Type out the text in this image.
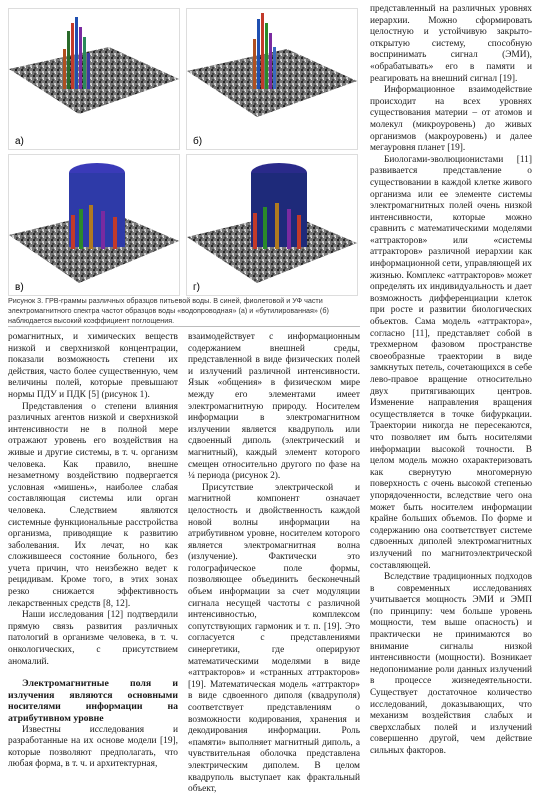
а)	б)
в)	г)

Рисунок 3. ГРВ-граммы различных образцов питьевой воды. В синей, фиолетовой и УФ части электромагнитного спектра частот образцов воды «водопроводная» (а) и «бутилированная» (б) наблюдается высокий коэффициент поглощения.

ромагнитных, и химических веществ низкой и сверхнизкой концентрации, показали возможность степени их действия, часто более существенную, чем величины полей, которые превышают нормы ПДУ и ПДК [5] (рисунок 1).

Представления о степени влияния различных агентов низкой и сверхнизкой интенсивности не в полной мере отражают уровень его воздействия на живые и другие системы, в т. ч. организм человека. Как правило, внешне незаметному воздействию подвергается условная «мишень», наиболее слабая составляющая системы или орган человека. Следствием являются системные функциональные расстройства организма, приводящие к развитию заболевания. Их лечат, но как сложившееся состояние больного, без учета причин, что неизбежно ведет к рецидивам. Кроме того, в этих зонах резко снижается эффективность лекарственных средств [8, 12].

Наши исследования [12] подтвердили прямую связь развития различных патологий в организме человека, в т. ч. онкологических, с присутствием аномалий.

Электромагнитные поля и излучения являются основными носителями информации на атрибутивном уровне

Известны исследования и разработанные на их основе модели [19], которые позволяют предполагать, что любая форма, в т. ч. и архитектурная,

взаимодействует с информационным содержанием внешней среды, представленной в виде физических полей и излучений различной интенсивности. Язык «общения» в физическом мире между его элементами имеет электромагнитную природу. Носителем информации в электромагнитном излучении является квадруполь или сдвоенный диполь (электрический и магнитный), каждый элемент которого смещен относительно другого по фазе на ¼ периода (рисунок 2).

Присутствие электрической и магнитной компонент означает целостность и двойственность каждой новой волны информации на атрибутивном уровне, носителем которого является электромагнитная волна (излучение). Фактически это голографическое поле формы, позволяющее объединить бесконечный объем информации за счет модуляции сигнала несущей частоты с различной интенсивностью, комплексом сопутствующих гармоник и т. п. [19]. Это согласуется с представлениями синергетики, где оперируют математическими моделями в виде «аттракторов» и «странных аттракторов» [19]. Математическая модель «аттрактор» в виде сдвоенного диполя (квадруполя) соответствует представлениям о возможности кодирования, хранения и декодирования информации. Роль «памяти» выполняет магнитный диполь, а чувствительная оболочка представлена электрическим диполем. В целом квадруполь выступает как фрактальный объект,

представленный на различных уровнях иерархии. Можно сформировать целостную и устойчивую закрыто-открытую систему, способную воспринимать сигнал (ЭМИ), «обрабатывать» его в памяти и реагировать на внешний сигнал [19].

Информационное взаимодействие происходит на всех уровнях существования материи – от атомов и молекул (микроуровень) до живых организмов (макроуровень) и далее мегауровня планет [19].

Биологами-эволюционистами [11] развивается представление о существовании в каждой клетке живого организма или ее элементе системы электромагнитных полей очень низкой интенсивности, которые можно сравнить с математическими моделями «аттракторов» или «системы аттракторов» различной иерархии как информационной сети, управляющей их жизнью. Комплекс «аттракторов» может определять их индивидуальность и дает возможность дифференциации клеток при росте и развитии биологических объектов. Сама модель «аттрактора», согласно [11], представляет собой в трехмерном фазовом пространстве своеобразные траектории в виде замкнутых петель, сочетающихся в себе лево-правое вращение относительно двух притягивающих центров. Изменение направления вращения осуществляется в точке бифуркации. Траектории никогда не пересекаются, что позволяет им быть носителями информации высокой точности. В целом модель можно охарактеризовать как свернутую многомерную поверхность с очень высокой степенью упорядоченности, вследствие чего она может быть носителем информации крайне больших объемов. По форме и содержанию она соответствует системе сдвоенных диполей электромагнитных излучений по магнитоэлектрической составляющей.

Вследствие традиционных подходов в современных исследованиях учитывается мощность ЭМИ и ЭМП (по принципу: чем больше уровень мощности, тем выше опасность) и практически не принимаются во внимание сигналы низкой интенсивности (мощности). Возникает недопонимание роли данных излучений в процессе жизнедеятельности. Существует достаточное количество исследований, доказывающих, что механизм воздействия слабых и сверхслабых полей и излучений совершенно другой, чем действие сильных факторов.
